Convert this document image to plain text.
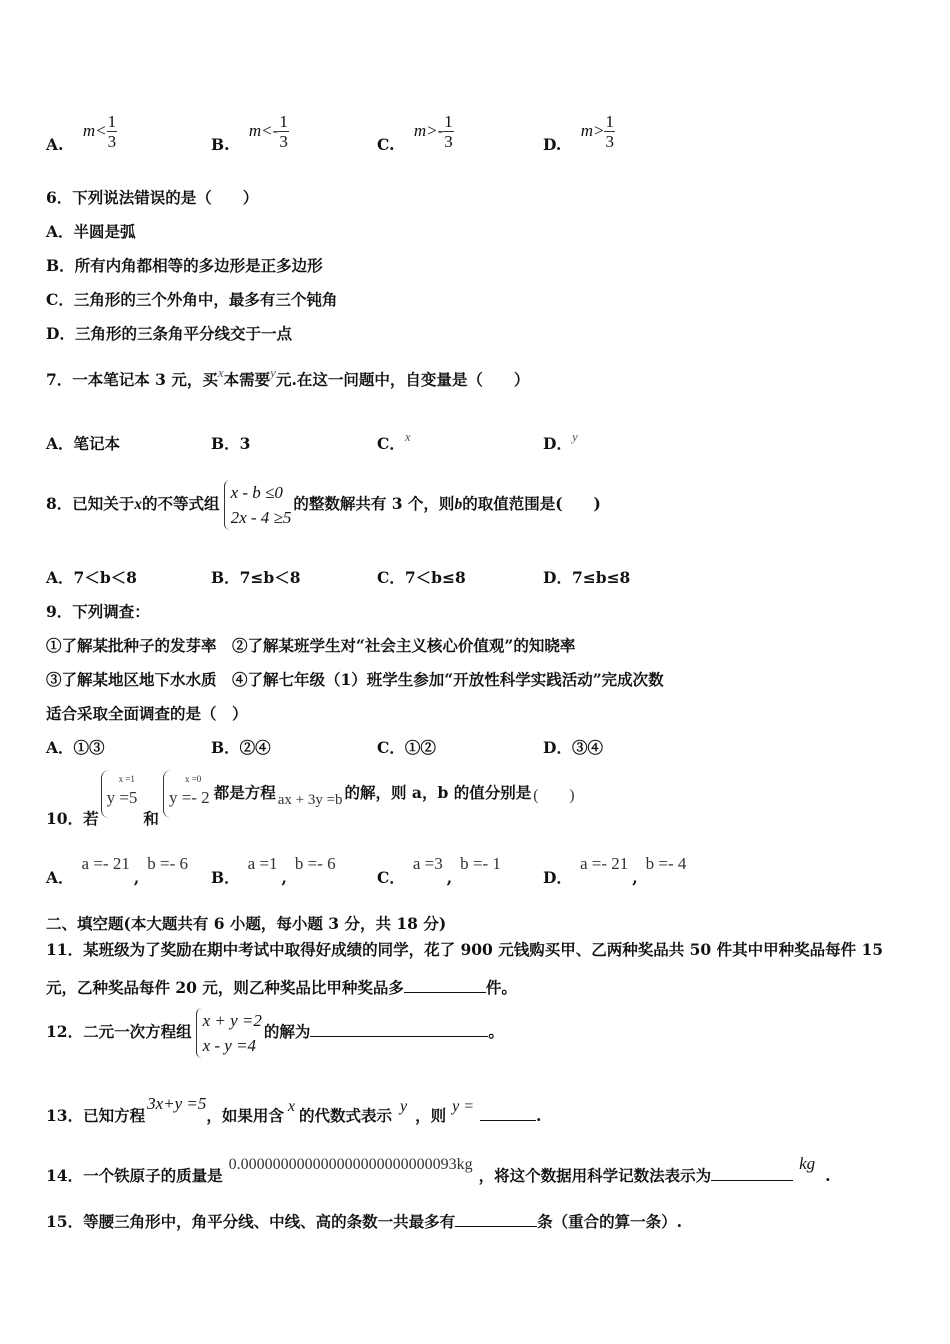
A. $m< \frac{1}{3}$	B. $m<- \frac{1}{3}$	C. $m>- \frac{1}{3}$	D. $m> \frac{1}{3}$
6．下列说法错误的是（　　）
A．半圆是弧
B．所有内角都相等的多边形是正多边形
C．三角形的三个外角中，最多有三个钝角
D．三角形的三条角平分线交于一点
7．一本笔记本 3 元，买$^x$本需要$^y$元.在这一问题中，自变量是（　　）
A．笔记本	B．3	C．$^x$	D．$^y$
8．已知关于x的不等式组
x - b ≤0
2x - 4 ≥5
的整数解共有 3 个，则b的取值范围是(　　)
A．7＜b＜8	B．7≤b＜8	C．7＜b≤8	D．7≤b≤8
9．下列调查：
①了解某批种子的发芽率　②了解某班学生对“社会主义核心价值观”的知晓率
③了解某地区地下水水质　④了解七年级（1）班学生参加“开放性科学实践活动”完成次数
适合采取全面调查的是（　）
A．①③	B．②④	C．①②	D．③④
10．若
x =1
y =5
和
x =0
y =- 2 都是方程 ax + 3y =b 的解，则 a，b 的值分别是 (　　)
A．a =- 21,b =- 6
B．a =1,b =- 6
C．a =3,b =- 1
D．a =- 21,b =- 4
二、填空题(本大题共有 6 小题，每小题 3 分，共 18 分)
11．某班级为了奖励在期中考试中取得好成绩的同学，花了 900 元钱购买甲、乙两种奖品共 50 件其中甲种奖品每件 15
元，乙种奖品每件 20 元，则乙种奖品比甲种奖品多	件。
12．二元一次方程组
x + y =2
x - y =4
的解为	。
13．已知方程3x+y =5，如果用含 x 的代数式表示 y ，则 y =	.
14．一个铁原子的质量是0.000000000000000000000000093kg，将这个数据用科学记数法表示为kg.
15．等腰三角形中，角平分线、中线、高的条数一共最多有	条（重合的算一条）.
